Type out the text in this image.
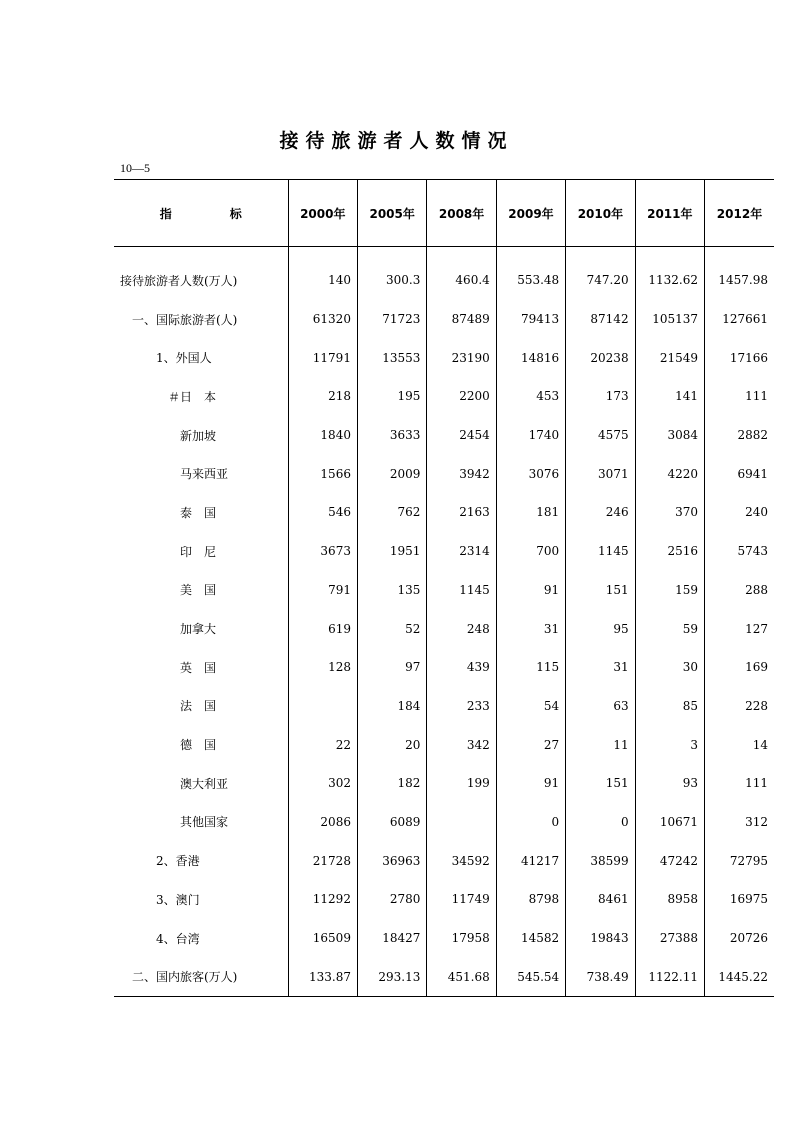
接待旅游者人数情况
10—5
指 标	2000年	2005年	2008年	2009年	2010年	2011年	2012年
接待旅游者人数(万人)	140	300.3	460.4	553.48	747.20	1132.62	1457.98
一、国际旅游者(人)	61320	71723	87489	79413	87142	105137	127661
1、外国人	11791	13553	23190	14816	20238	21549	17166
＃日　本	218	195	2200	453	173	141	111
新加坡	1840	3633	2454	1740	4575	3084	2882
马来西亚	1566	2009	3942	3076	3071	4220	6941
泰　国	546	762	2163	181	246	370	240
印　尼	3673	1951	2314	700	1145	2516	5743
美　国	791	135	1145	91	151	159	288
加拿大	619	52	248	31	95	59	127
英　国	128	97	439	115	31	30	169
法　国		184	233	54	63	85	228
德　国	22	20	342	27	11	3	14
澳大利亚	302	182	199	91	151	93	111
其他国家	2086	6089		0	0	10671	312
2、香港	21728	36963	34592	41217	38599	47242	72795
3、澳门	11292	2780	11749	8798	8461	8958	16975
4、台湾	16509	18427	17958	14582	19843	27388	20726
二、国内旅客(万人)	133.87	293.13	451.68	545.54	738.49	1122.11	1445.22
